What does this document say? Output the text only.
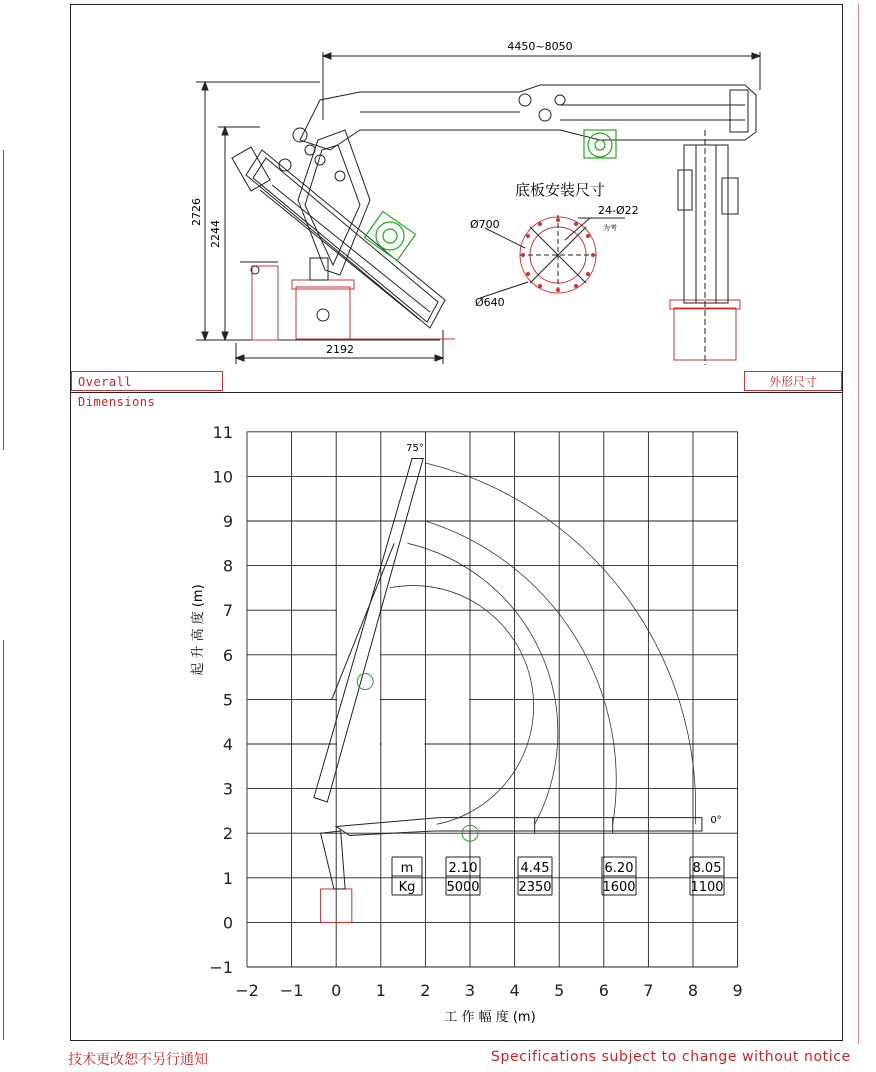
4450~8050
2726
2244
2192
底板安装尺寸
24-Ø22
为考
Ø700
Ø640
Overall Dimensions
外形尺寸
−2 −1 0 1 2 3 4 5 6 7 8 9
−1
0
1
2
3
4
5
6
7
8
9
10
11
工 作 幅 度 (m)
起 升 高 度 (m)
75°
0°
m
Kg
2.10
5000
4.45
2350
6.20
1600
8.05
1100
技术更改恕不另行通知	Specifications subject to change without notice
